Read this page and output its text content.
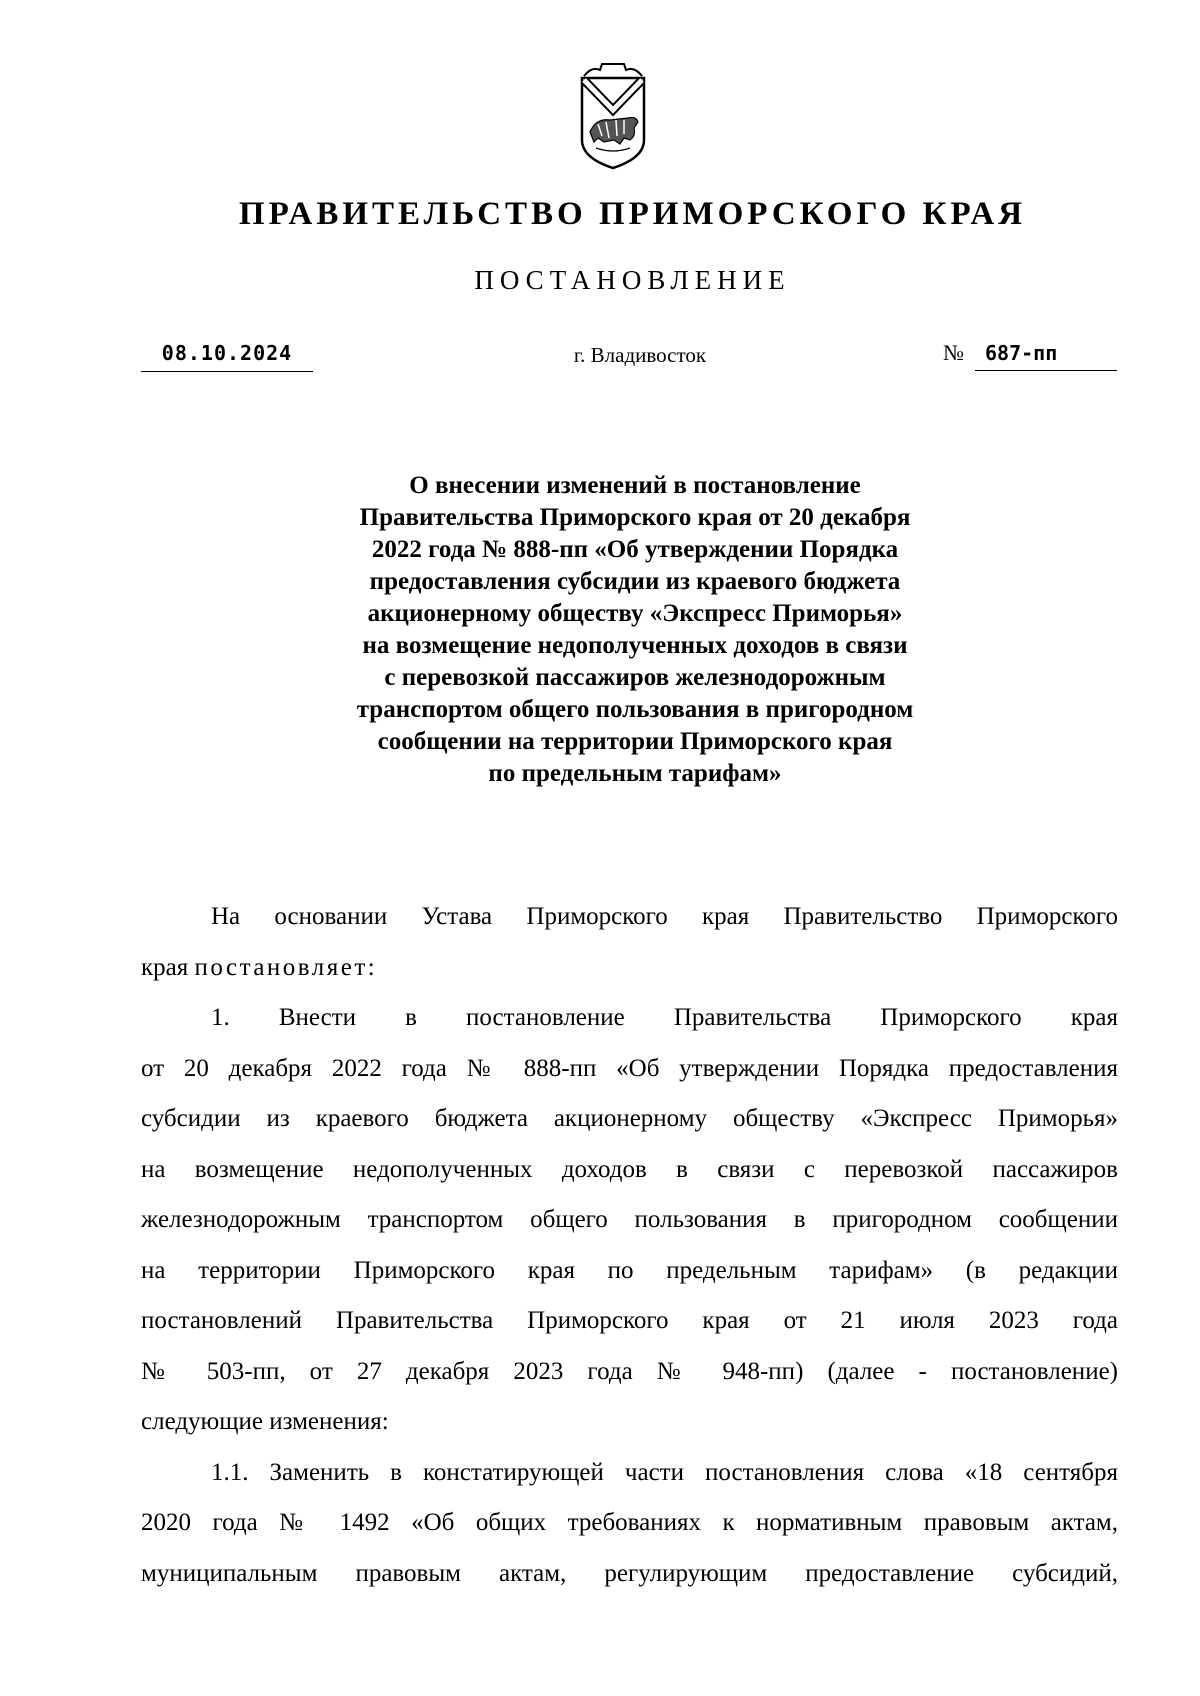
ПРАВИТЕЛЬСТВО ПРИМОРСКОГО КРАЯ
ПОСТАНОВЛЕНИЕ
08.10.2024	г. Владивосток	№	687-пп
О внесении изменений в постановление
Правительства Приморского края от 20 декабря
2022 года № 888-пп «Об утверждении Порядка
предоставления субсидии из краевого бюджета
акционерному обществу «Экспресс Приморья»
на возмещение недополученных доходов в связи
с перевозкой пассажиров железнодорожным
транспортом общего пользования в пригородном
сообщении на территории Приморского края
по предельным тарифам»
На основании Устава Приморского края Правительство Приморского
края постановляет:
1. Внести в постановление Правительства Приморского края
от 20 декабря 2022 года № 888-пп «Об утверждении Порядка предоставления
субсидии из краевого бюджета акционерному обществу «Экспресс Приморья»
на возмещение недополученных доходов в связи с перевозкой пассажиров
железнодорожным транспортом общего пользования в пригородном сообщении
на территории Приморского края по предельным тарифам» (в редакции
постановлений Правительства Приморского края от 21 июля 2023 года
№ 503-пп, от 27 декабря 2023 года № 948-пп) (далее - постановление)
следующие изменения:
1.1. Заменить в констатирующей части постановления слова «18 сентября
2020 года № 1492 «Об общих требованиях к нормативным правовым актам,
муниципальным правовым актам, регулирующим предоставление субсидий,
